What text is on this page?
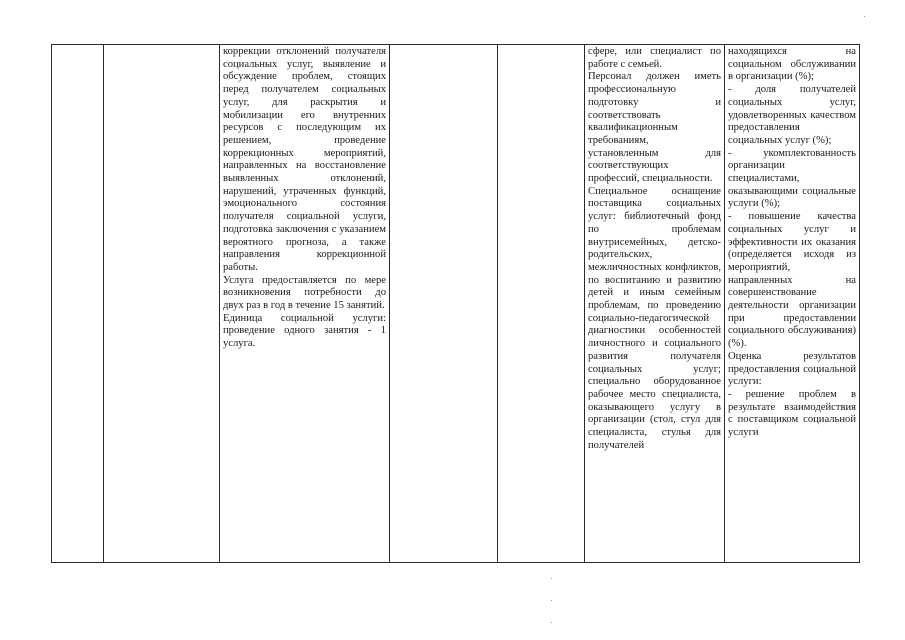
коррекции отклонений получателя социальных услуг, выявление и обсуждение проблем, стоящих перед получателем социальных услуг, для раскрытия и мобилизации его внутренних ресурсов с последующим их решением, проведение коррекционных мероприятий, направленных на восстановление выявленных отклонений, нарушений, утраченных функций, эмоционального состояния получателя социальной услуги, подготовка заключения с указанием вероятного прогноза, а также направления коррекционной работы.
Услуга предоставляется по мере возникновения потребности до двух раз в год в течение 15 занятий.
Единица социальной услуги: проведение одного занятия - 1 услуга.

сфере, или специалист по работе с семьей.
Персонал должен иметь профессиональную подготовку и соответствовать квалификационным требованиям, установленным для соответствующих профессий, специальности.
Специальное оснащение поставщика социальных услуг: библиотечный фонд по проблемам внутрисемейных, детско-родительских, межличностных конфликтов, по воспитанию и развитию детей и иным семейным проблемам, по проведению социально-педагогической диагностики особенностей личностного и социального развития получателя социальных услуг; специально оборудованное рабочее место специалиста, оказывающего услугу в организации (стол, стул для специалиста, стулья для получателей

находящихся на социальном обслуживании в организации (%);
- доля получателей социальных услуг, удовлетворенных качеством предоставления социальных услуг (%);
- укомплектованность организации специалистами, оказывающими социальные услуги (%);
- повышение качества социальных услуг и эффективности их оказания (определяется исходя из мероприятий, направленных на совершенствование деятельности организации при предоставлении социального обслуживания) (%).
Оценка результатов предоставления социальной услуги:
- решение проблем в результате взаимодействия с поставщиком социальной услуги
